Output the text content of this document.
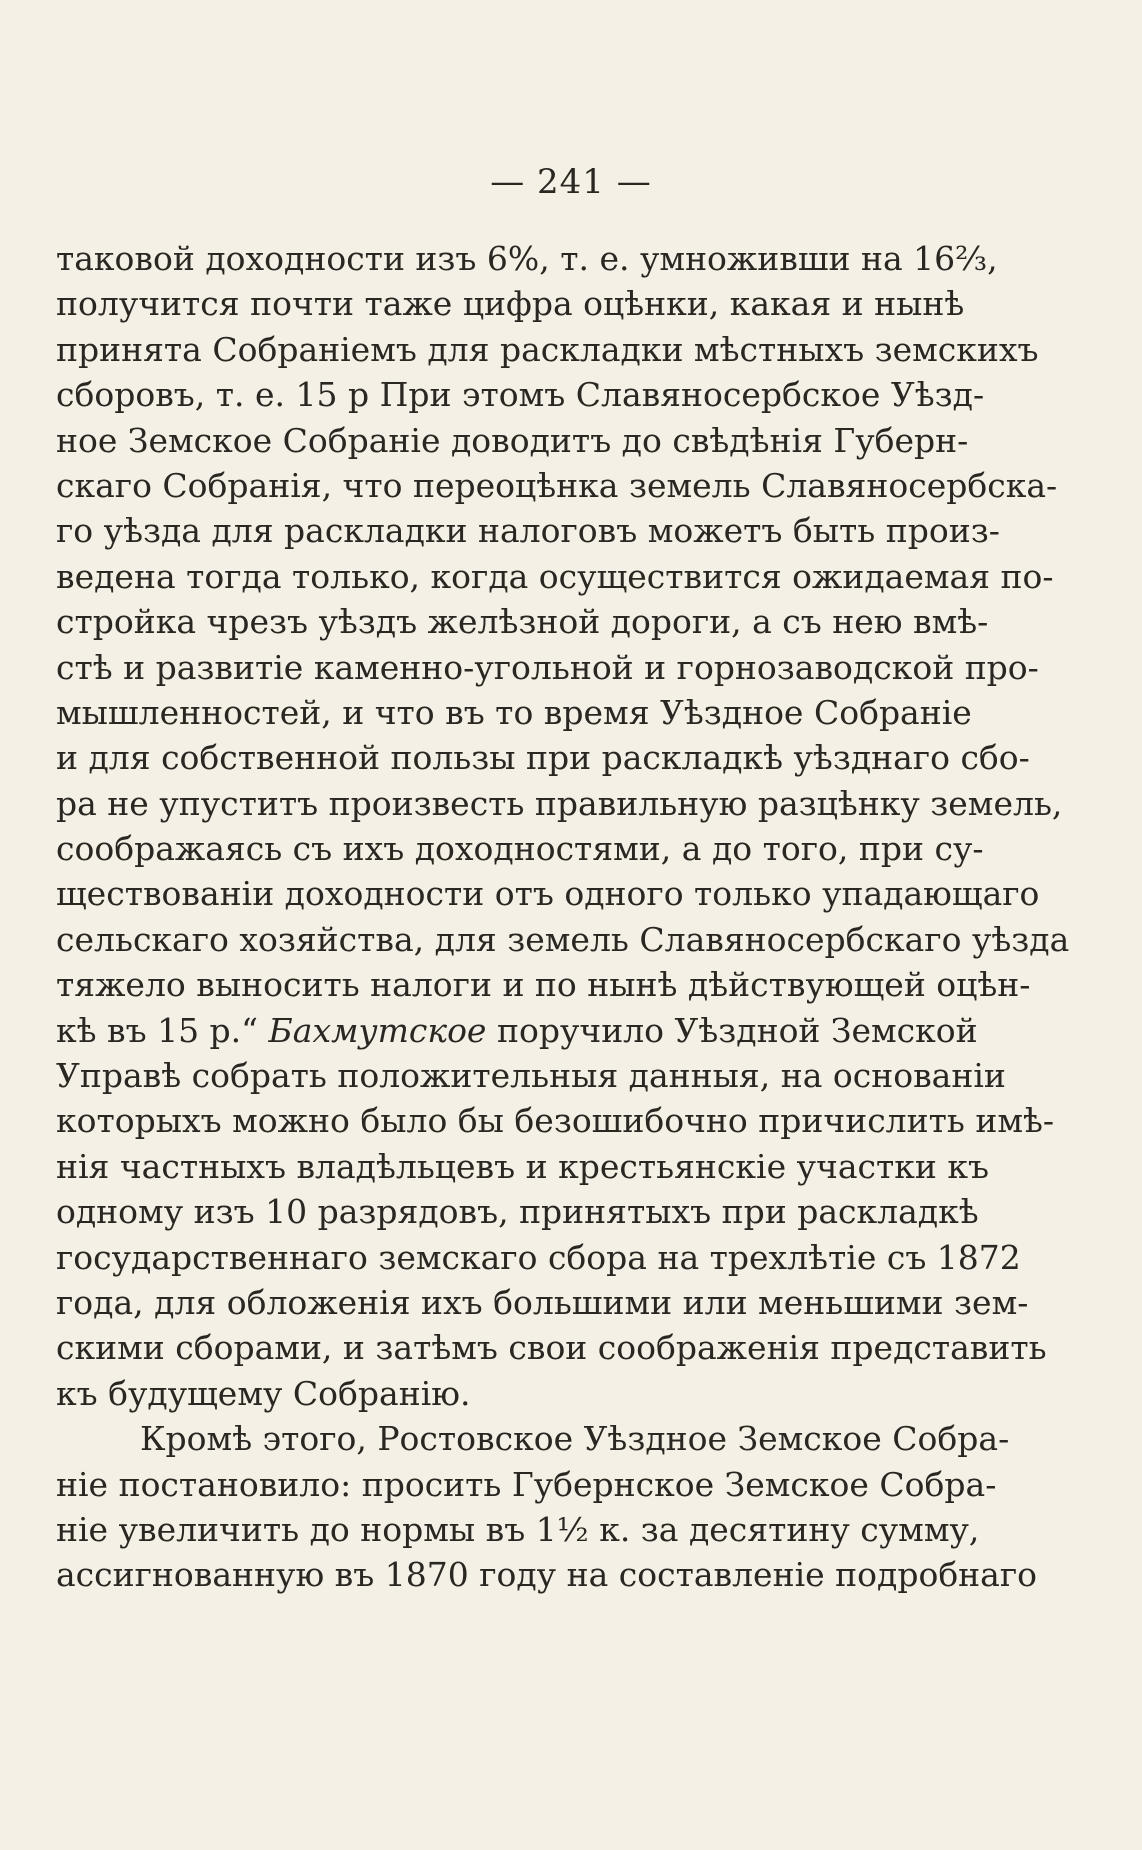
— 241 —
таковой доходности изъ 6%, т. е. умноживши на 16⅔,
получится почти таже цифра оцѣнки, какая и нынѣ
принята Собраніемъ для раскладки мѣстныхъ земскихъ
сборовъ, т. е. 15 р При этомъ Славяносербское Уѣзд-
ное Земское Собраніе доводитъ до свѣдѣнія Губерн-
скаго Собранія, что переоцѣнка земель Славяносербска-
го уѣзда для раскладки налоговъ можетъ быть произ-
ведена тогда только, когда осуществится ожидаемая по-
стройка чрезъ уѣздъ желѣзной дороги, а съ нею вмѣ-
стѣ и развитіе каменно-угольной и горнозаводской про-
мышленностей, и что въ то время Уѣздное Собраніе
и для собственной пользы при раскладкѣ уѣзднаго сбо-
ра не упуститъ произвесть правильную разцѣнку земель,
соображаясь съ ихъ доходностями, а до того, при су-
ществованіи доходности отъ одного только упадающаго
сельскаго хозяйства, для земель Славяносербскаго уѣзда
тяжело выносить налоги и по нынѣ дѣйствующей оцѣн-
кѣ въ 15 р.“ Бахмутское поручило Уѣздной Земской
Управѣ собрать положительныя данныя, на основаніи
которыхъ можно было бы безошибочно причислить имѣ-
нія частныхъ владѣльцевъ и крестьянскіе участки къ
одному изъ 10 разрядовъ, принятыхъ при раскладкѣ
государственнаго земскаго сбора на трехлѣтіе съ 1872
года, для обложенія ихъ большими или меньшими зем-
скими сборами, и затѣмъ свои соображенія представить
къ будущему Собранію.
Кромѣ этого, Ростовское Уѣздное Земское Собра-
ніе постановило: просить Губернское Земское Собра-
ніе увеличить до нормы въ 1½ к. за десятину сумму,
ассигнованную въ 1870 году на составленіе подробнаго
